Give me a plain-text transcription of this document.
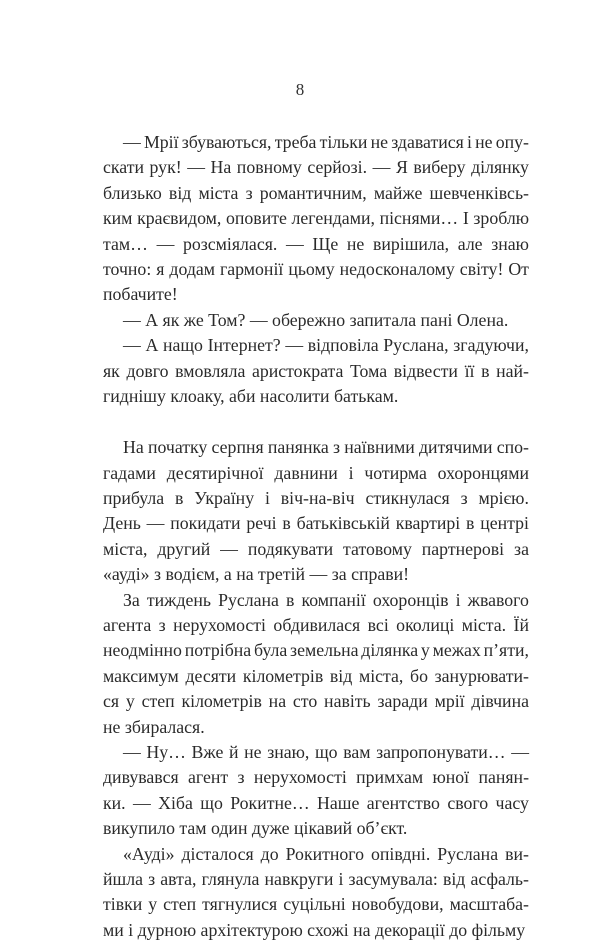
8
— Мрії збуваються, треба тільки не здаватися і не опу-
скати рук! — На повному серйозі. — Я виберу ділянку
близько від міста з романтичним, майже шевченківсь-
ким краєвидом, оповите легендами, піснями… І зроблю
там… — розсміялася. — Ще не вирішила, але знаю
точно: я додам гармонії цьому недосконалому світу! От
побачите!
— А як же Том? — обережно запитала пані Олена.
— А нащо Інтернет? — відповіла Руслана, згадуючи,
як довго вмовляла аристократа Тома відвести її в най-
гиднішу клоаку, аби насолити батькам.
На початку серпня панянка з наївними дитячими спо-
гадами десятирічної давнини і чотирма охоронцями
прибула в Україну і віч-на-віч стикнулася з мрією.
День — покидати речі в батьківській квартирі в центрі
міста, другий — подякувати татовому партнерові за
«ауді» з водієм, а на третій — за справи!
За тиждень Руслана в компанії охоронців і жвавого
агента з нерухомості обдивилася всі околиці міста. Їй
неодмінно потрібна була земельна ділянка у межах п’яти,
максимум десяти кілометрів від міста, бо занурювати-
ся у степ кілометрів на сто навіть заради мрії дівчина
не збиралася.
— Ну… Вже й не знаю, що вам запропонувати… —
дивувався агент з нерухомості примхам юної панян-
ки. — Хіба що Рокитне… Наше агентство свого часу
викупило там один дуже цікавий об’єкт.
«Ауді» дісталося до Рокитного опівдні. Руслана ви-
йшла з авта, глянула навкруги і засумувала: від асфаль-
тівки у степ тягнулися суцільні новобудови, масштаба-
ми і дурною архітектурою схожі на декорації до фільму
